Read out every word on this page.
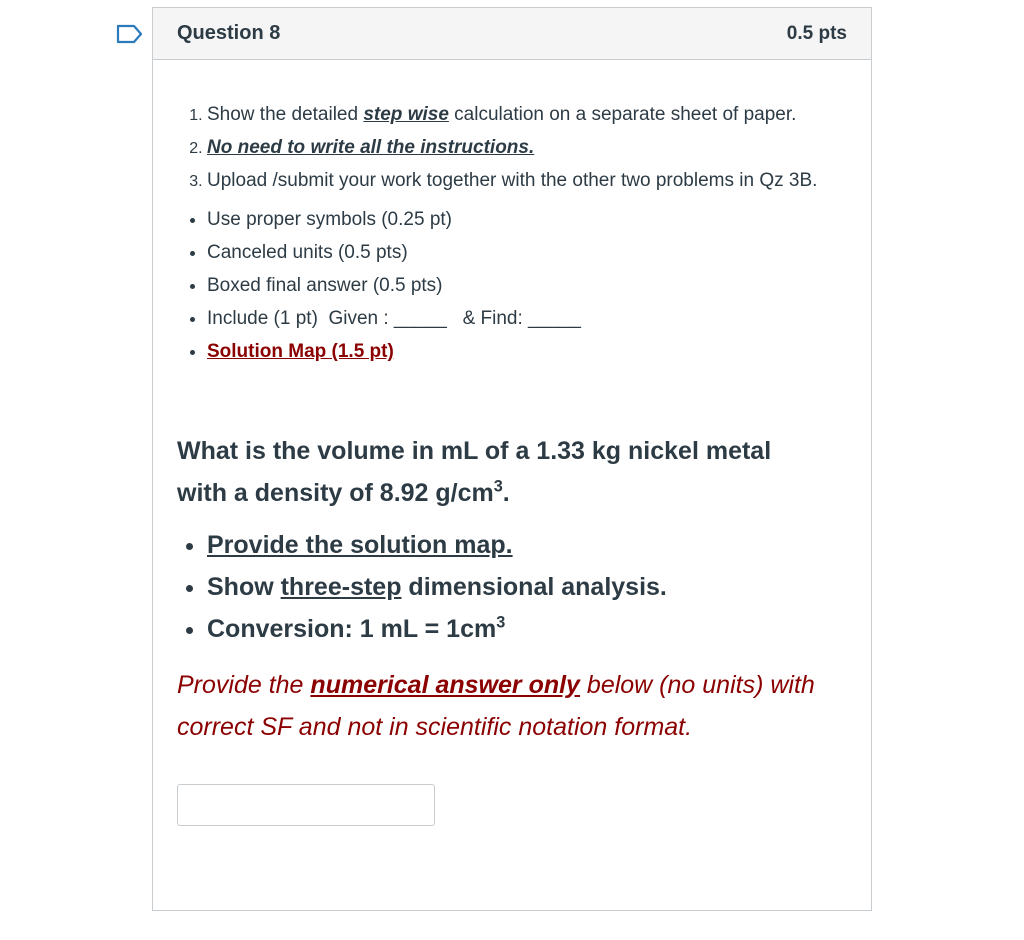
Question 8	0.5 pts
1. Show the detailed step wise calculation on a separate sheet of paper.
2. No need to write all the instructions.
3. Upload /submit your work together with the other two problems in Qz 3B.
• Use proper symbols (0.25 pt)
• Canceled units (0.5 pts)
• Boxed final answer (0.5 pts)
• Include (1 pt)  Given : _____   & Find: _____
• Solution Map (1.5 pt)
What is the volume in mL of a 1.33 kg nickel metal with a density of 8.92 $g/cm^3$.
• Provide the solution map.
• Show three-step dimensional analysis.
• Conversion: 1 mL = $1cm^3$
Provide the numerical answer only below (no units) with correct SF and not in scientific notation format.
